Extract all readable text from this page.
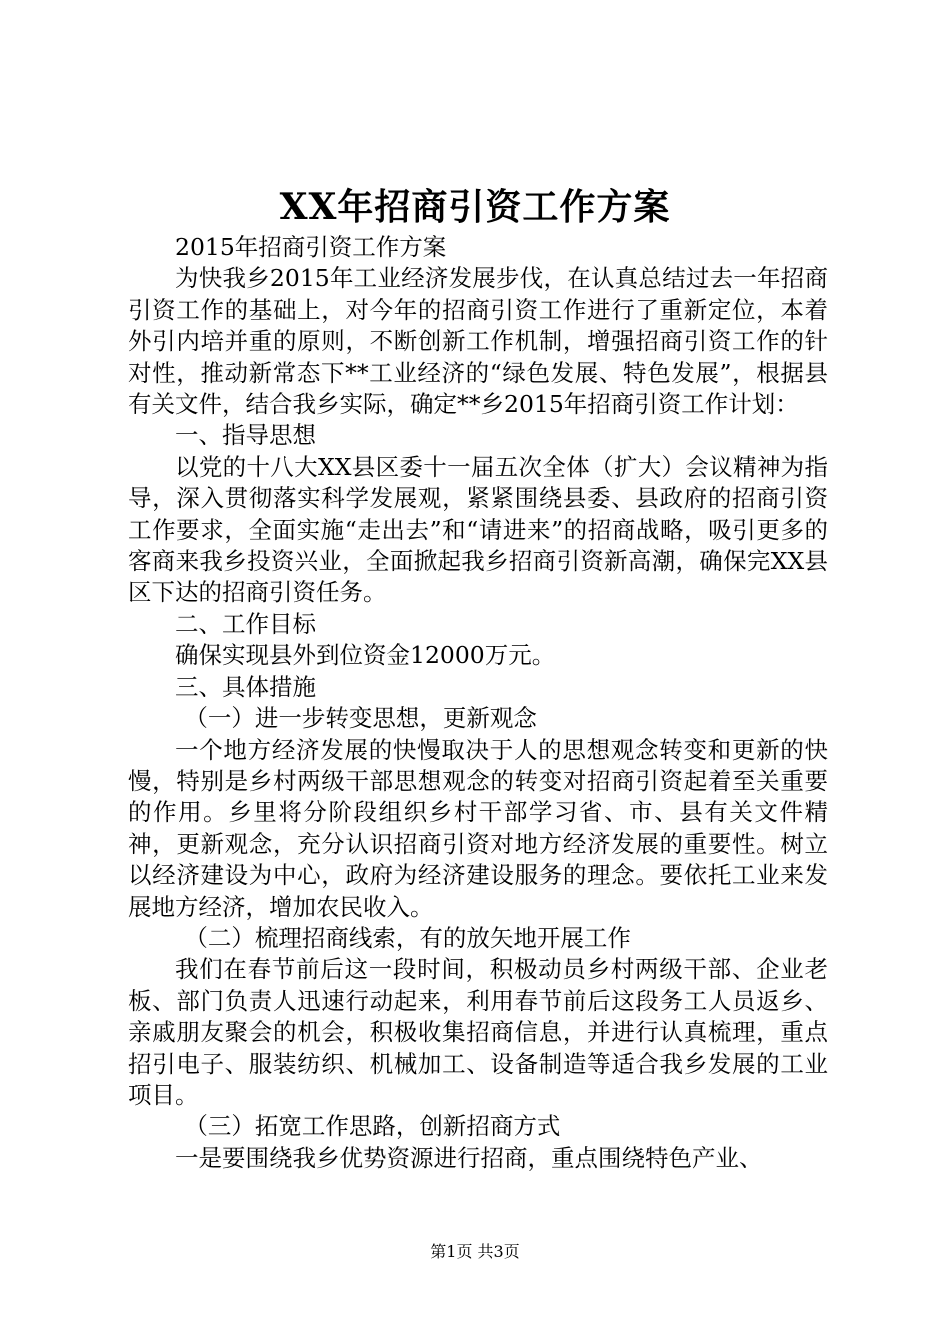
XX年招商引资工作方案

2015年招商引资工作方案

为快我乡2015年工业经济发展步伐，在认真总结过去一年招商引资工作的基础上，对今年的招商引资工作进行了重新定位，本着外引内培并重的原则，不断创新工作机制，增强招商引资工作的针对性，推动新常态下**工业经济的“绿色发展、特色发展”，根据县有关文件，结合我乡实际，确定**乡2015年招商引资工作计划：

一、指导思想

以党的十八大XX县区委十一届五次全体（扩大）会议精神为指导，深入贯彻落实科学发展观，紧紧围绕县委、县政府的招商引资工作要求，全面实施“走出去”和“请进来”的招商战略，吸引更多的客商来我乡投资兴业，全面掀起我乡招商引资新高潮，确保完XX县区下达的招商引资任务。

二、工作目标

确保实现县外到位资金12000万元。

三、具体措施

（一）进一步转变思想，更新观念

一个地方经济发展的快慢取决于人的思想观念转变和更新的快慢，特别是乡村两级干部思想观念的转变对招商引资起着至关重要的作用。乡里将分阶段组织乡村干部学习省、市、县有关文件精神，更新观念，充分认识招商引资对地方经济发展的重要性。树立以经济建设为中心，政府为经济建设服务的理念。要依托工业来发展地方经济，增加农民收入。

（二）梳理招商线索，有的放矢地开展工作

我们在春节前后这一段时间，积极动员乡村两级干部、企业老板、部门负责人迅速行动起来，利用春节前后这段务工人员返乡、亲戚朋友聚会的机会，积极收集招商信息，并进行认真梳理，重点招引电子、服装纺织、机械加工、设备制造等适合我乡发展的工业项目。

（三）拓宽工作思路，创新招商方式

一是要围绕我乡优势资源进行招商，重点围绕特色产业、

第1页 共3页
